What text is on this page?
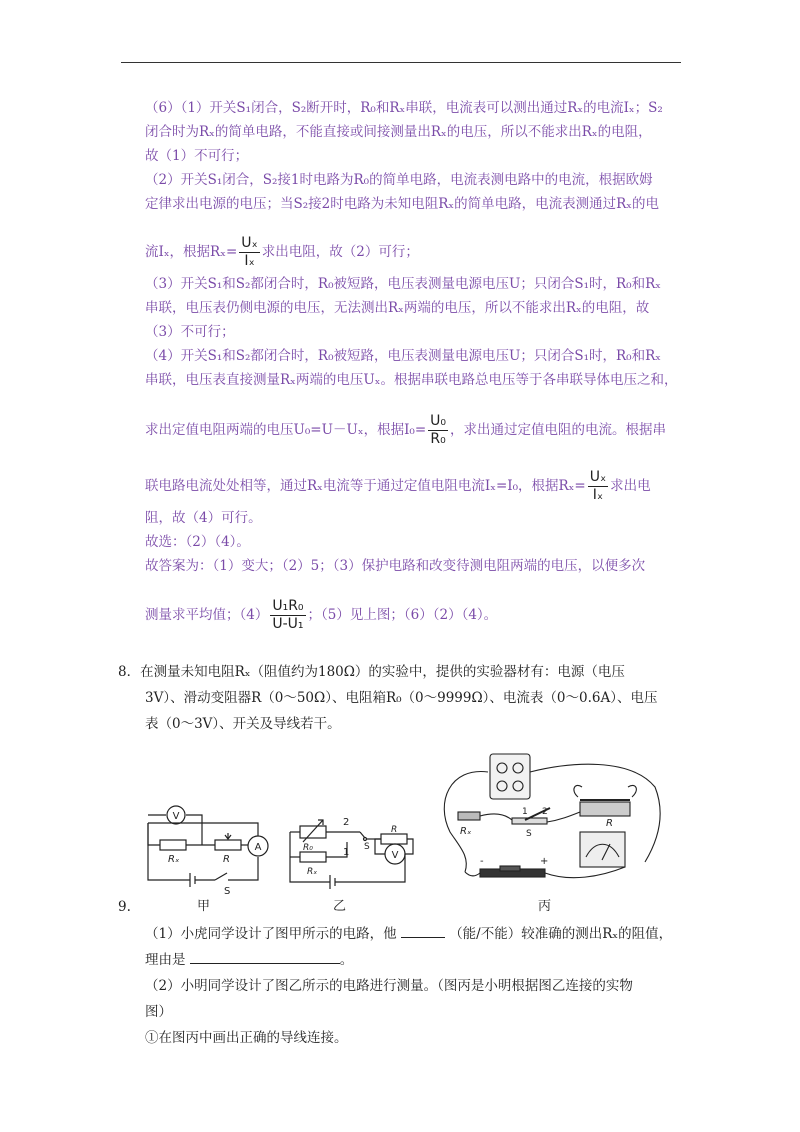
（6）（1）开关S₁闭合，S₂断开时，R₀和Rₓ串联，电流表可以测出通过Rₓ的电流Iₓ；S₂
闭合时为Rₓ的简单电路，不能直接或间接测量出Rₓ的电压，所以不能求出Rₓ的电阻，
故（1）不可行；
（2）开关S₁闭合，S₂接1时电路为R₀的简单电路，电流表测电路中的电流，根据欧姆
定律求出电源的电压；当S₂接2时电路为未知电阻Rₓ的简单电路，电流表测通过Rₓ的电
流Iₓ，根据$R_x= \frac{\text{Uₓ}}{\text{Iₓ}}$ 求出电阻，故（2）可行；
（3）开关S₁和S₂都闭合时，R₀被短路，电压表测量电源电压U；只闭合S₁时，R₀和Rₓ
串联，电压表仍侧电源的电压，无法测出Rₓ两端的电压，所以不能求出Rₓ的电阻，故
（3）不可行；
（4）开关S₁和S₂都闭合时，R₀被短路，电压表测量电源电压U；只闭合S₁时，R₀和Rₓ
串联，电压表直接测量Rₓ两端的电压Uₓ。根据串联电路总电压等于各串联导体电压之和，
求出定值电阻两端的电压U₀=U－Uₓ，根据$I_0= \frac{\text{U₀}}{\text{R₀}}$ ，求出通过定值电阻的电流。根据串
联电路电流处处相等，通过Rₓ电流等于通过定值电阻电流Iₓ=I₀，根据$R_x= \frac{\text{Uₓ}}{\text{Iₓ}}$ 求出电
阻，故（4）可行。
故选：（2）（4）。
故答案为：（1）变大；（2）5；（3）保护电路和改变待测电阻两端的电压，以便多次
测量求平均值；$(4) \frac{\text{U₁R₀}}{\text{U-U₁}}$ ；（5）见上图；（6）（2）（4）。
8．在测量未知电阻Rₓ（阻值约为180Ω）的实验中，提供的实验器材有：电源（电压
3V）、滑动变阻器R（0～50Ω）、电阻箱R₀（0～9999Ω）、电流表（0～0.6A）、电压
表（0～3V）、开关及导线若干。
V
A
Rₓ	R
S
甲
R₀
Rₓ
2
1 S
R
V
乙
Rₓ
1 2
S
R
-	+
丙
9.
（1）小虎同学设计了图甲所示的电路，他	（能/不能）较准确的测出Rₓ的阻值，
理由是	。
（2）小明同学设计了图乙所示的电路进行测量。（图丙是小明根据图乙连接的实物
图）
①在图丙中画出正确的导线连接。
